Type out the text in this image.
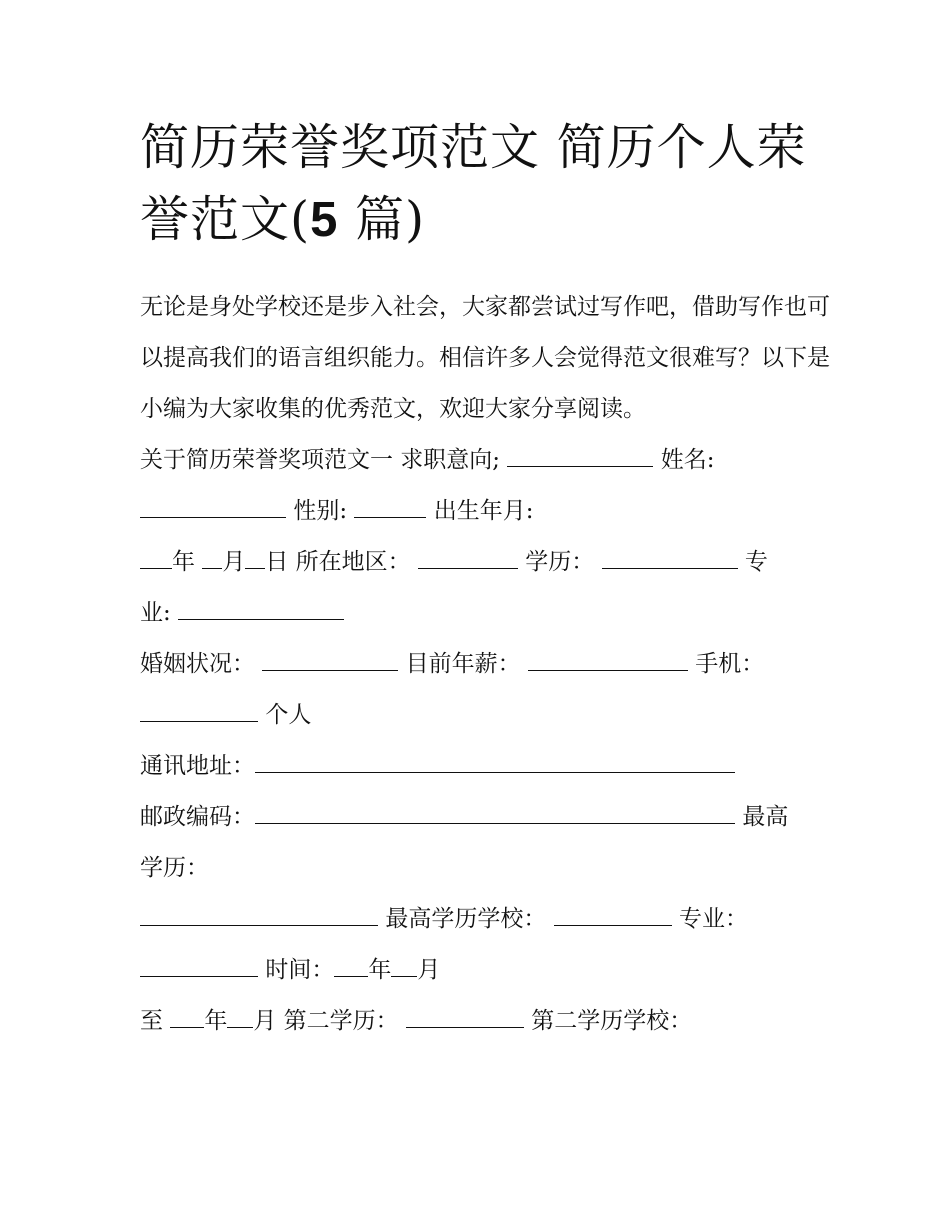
简历荣誉奖项范文 简历个人荣
誉范文(5 篇)

无论是身处学校还是步入社会，大家都尝试过写作吧，借助写作也可以提高我们的语言组织能力。相信许多人会觉得范文很难写？以下是小编为大家收集的优秀范文，欢迎大家分享阅读。

关于简历荣誉奖项范文一 求职意向;	姓名:

性别:	出生年月:

年 月 日 所在地区：	学历：	专

业:

婚姻状况：	目前年薪：	手机：

个人

通讯地址：

邮政编码：	最高

学历：

最高学历学校：	专业：

时间： 年 月

至 年 月 第二学历：	第二学历学校：
